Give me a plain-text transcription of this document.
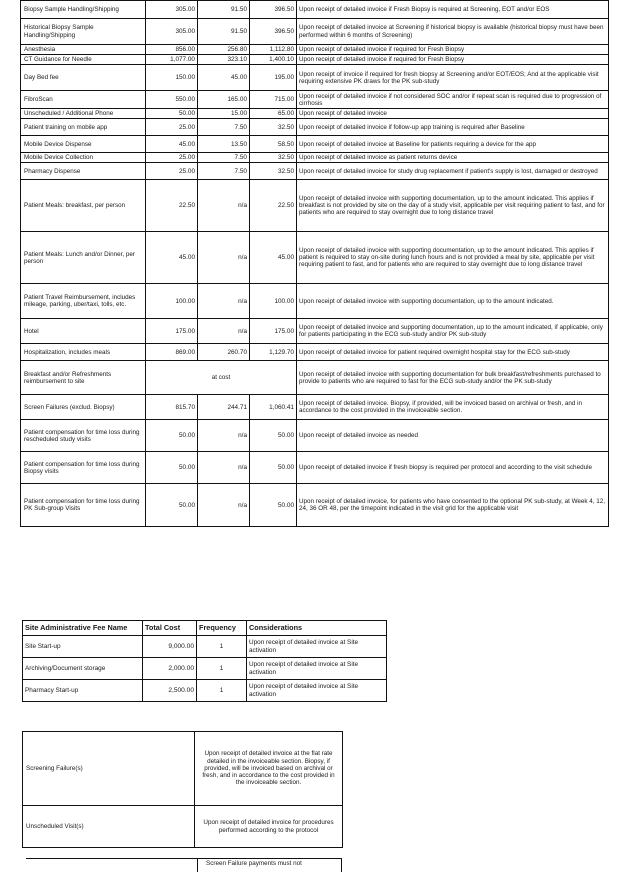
Biopsy Sample Handling/Shipping	305.00	91.50	396.50	Upon receipt of detailed invoice if Fresh Biopsy is required at Screening, EOT and/or EOS
Historical Biopsy Sample Handling/Shipping	305.00	91.50	396.50	Upon receipt of detailed invoice at Screening if historical biopsy is available (historical biopsy must have been performed within 6 months of Screening)
Anesthesia	856.00	256.80	1,112.80	Upon receipt of detailed invoice if required for Fresh Biopsy
CT Guidance for Needle	1,077.00	323.10	1,400.10	Upon receipt of detailed invoice if required for Fresh Biopsy
Day Bed fee	150.00	45.00	195.00	Upon receipt of invoice if required for fresh biopsy at Screening and/or EOT/EOS; And at the applicable visit requiring extensive PK draws for the PK sub-study
FibroScan	550.00	165.00	715.00	Upon receipt of detailed invoice if not considered SOC and/or if repeat scan is required due to progression of cirrhosis
Unscheduled / Additional Phone	50.00	15.00	65.00	Upon receipt of detailed invoice
Patient training on mobile app	25.00	7.50	32.50	Upon receipt of detailed invoice if follow-up app training is required after Baseline
Mobile Device Dispense	45.00	13.50	58.50	Upon receipt of detailed invoice at Baseline for patients requiring a device for the app
Mobile Device Collection	25.00	7.50	32.50	Upon receipt of detailed invoice as patient returns device
Pharmacy Dispense	25.00	7.50	32.50	Upon receipt of detailed invoice for study drug replacement if patient's supply is lost, damaged or destroyed
Patient Meals: breakfast, per person	22.50	n/a	22.50	Upon receipt of detailed invoice with supporting documentation, up to the amount indicated. This applies if breakfast is not provided by site on the day of a study visit, applicable per visit requiring patient to fast, and for patients who are required to stay overnight due to long distance travel
Patient Meals: Lunch and/or Dinner, per person	45.00	n/a	45.00	Upon receipt of detailed invoice with supporting documentation, up to the amount indicated. This applies if patient is required to stay on-site during lunch hours and is not provided a meal by site, applicable per visit requiring patient to fast, and for patients who are required to stay overnight due to long distance travel
Patient Travel Reimbursement, includes mileage, parking, uber/taxi, tolls, etc.	100.00	n/a	100.00	Upon receipt of detailed invoice with supporting documentation, up to the amount indicated.
Hotel	175.00	n/a	175.00	Upon receipt of detailed invoice and supporting documentation, up to the amount indicated, if applicable, only for patients participating in the ECG sub-study and/or PK sub-study
Hospitalization, includes meals	869.00	260.70	1,129.70	Upon receipt of detailed invoice for patient required overnight hospital stay for the ECG sub-study
Breakfast and/or Refreshments reimbursement to site	at cost			Upon receipt of detailed invoice with supporting documentation for bulk breakfast/refreshments purchased to provide to patients who are required to fast for the ECG sub-study and/or the PK sub-study
Screen Failures (exclud. Biopsy)	815.70	244.71	1,060.41	Upon receipt of detailed invoice. Biopsy, if provided, will be invoiced based on archival or fresh, and in accordance to the cost provided in the invoiceable section.
Patient compensation for time loss during rescheduled study visits	50.00	n/a	50.00	Upon receipt of detailed invoice as needed
Patient compensation for time loss during Biopsy visits	50.00	n/a	50.00	Upon receipt of detailed invoice if fresh biopsy is required per protocol and according to the visit schedule
Patient compensation for time loss during PK Sub-group Visits	50.00	n/a	50.00	Upon receipt of detailed invoice, for patients who have consented to the optional PK sub-study, at Week 4, 12, 24, 36 OR 48, per the timepoint indicated in the visit grid for the applicable visit
Site Administrative Fee Name	Total Cost	Frequency	Considerations
Site Start-up	9,000.00	1	Upon receipt of detailed invoice at Site activation
Archiving/Document storage	2,000.00	1	Upon receipt of detailed invoice at Site activation
Pharmacy Start-up	2,500.00	1	Upon receipt of detailed invoice at Site activation
Screening Failure(s)	Upon receipt of detailed invoice at the flat rate detailed in the invoiceable section. Biopsy, if provided, will be invoiced based on archival or fresh, and in accordance to the cost provided in the invoiceable section.
Unscheduled Visit(s)	Upon receipt of detailed invoice for procedures performed according to the protocol
Screen Failure payments must not
